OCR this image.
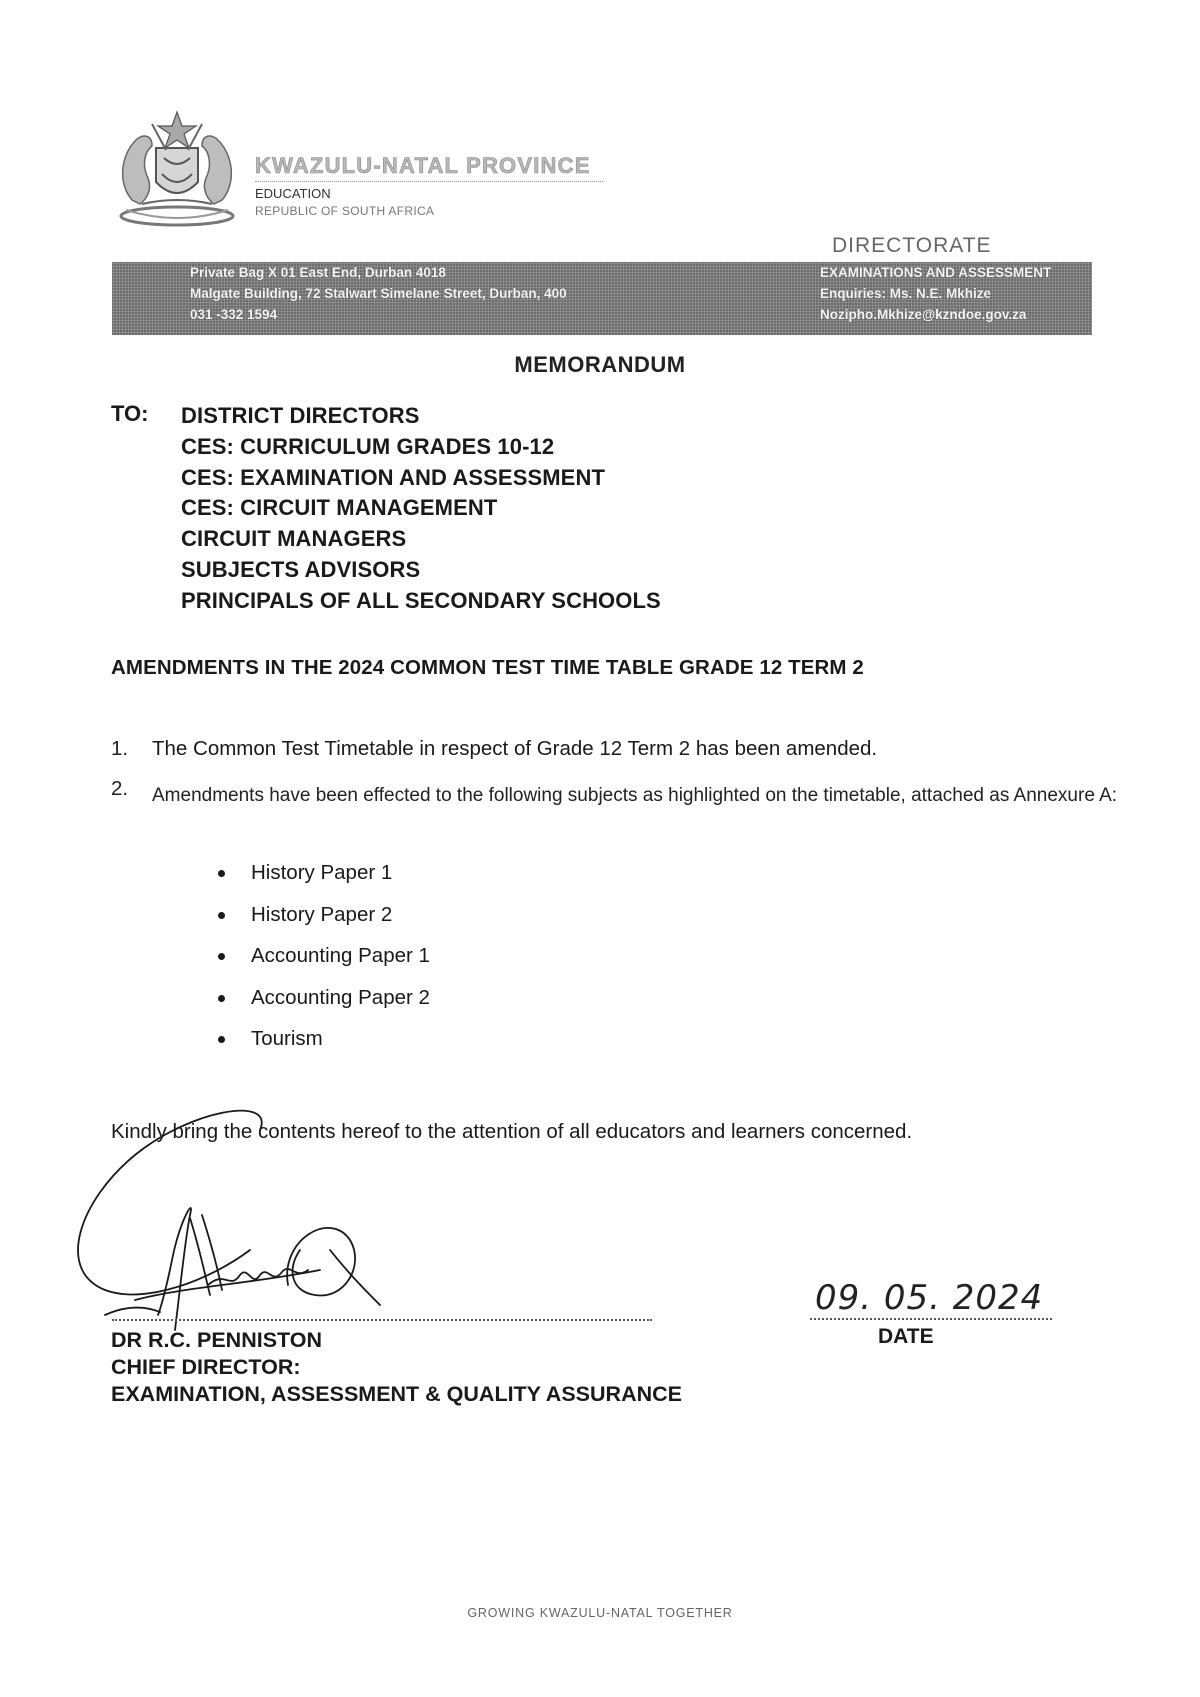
KWAZULU-NATAL PROVINCE
EDUCATION
REPUBLIC OF SOUTH AFRICA
DIRECTORATE
Private Bag X 01 East End, Durban 4018
Malgate Building, 72 Stalwart Simelane Street, Durban, 400
031 -332 1594
EXAMINATIONS AND ASSESSMENT
Enquiries: Ms. N.E. Mkhize
Nozipho.Mkhize@kzndoe.gov.za
MEMORANDUM
TO: DISTRICT DIRECTORS
CES: CURRICULUM GRADES 10-12
CES: EXAMINATION AND ASSESSMENT
CES: CIRCUIT MANAGEMENT
CIRCUIT MANAGERS
SUBJECTS ADVISORS
PRINCIPALS OF ALL SECONDARY SCHOOLS
AMENDMENTS IN THE 2024 COMMON TEST TIME TABLE GRADE 12 TERM 2
1. The Common Test Timetable in respect of Grade 12 Term 2 has been amended.
2. Amendments have been effected to the following subjects as highlighted on the timetable, attached as Annexure A:
History Paper 1
History Paper 2
Accounting Paper 1
Accounting Paper 2
Tourism
Kindly bring the contents hereof to the attention of all educators and learners concerned.
09. 05. 2024
DATE
DR R.C. PENNISTON
CHIEF DIRECTOR:
EXAMINATION, ASSESSMENT & QUALITY ASSURANCE
GROWING KWAZULU-NATAL TOGETHER
